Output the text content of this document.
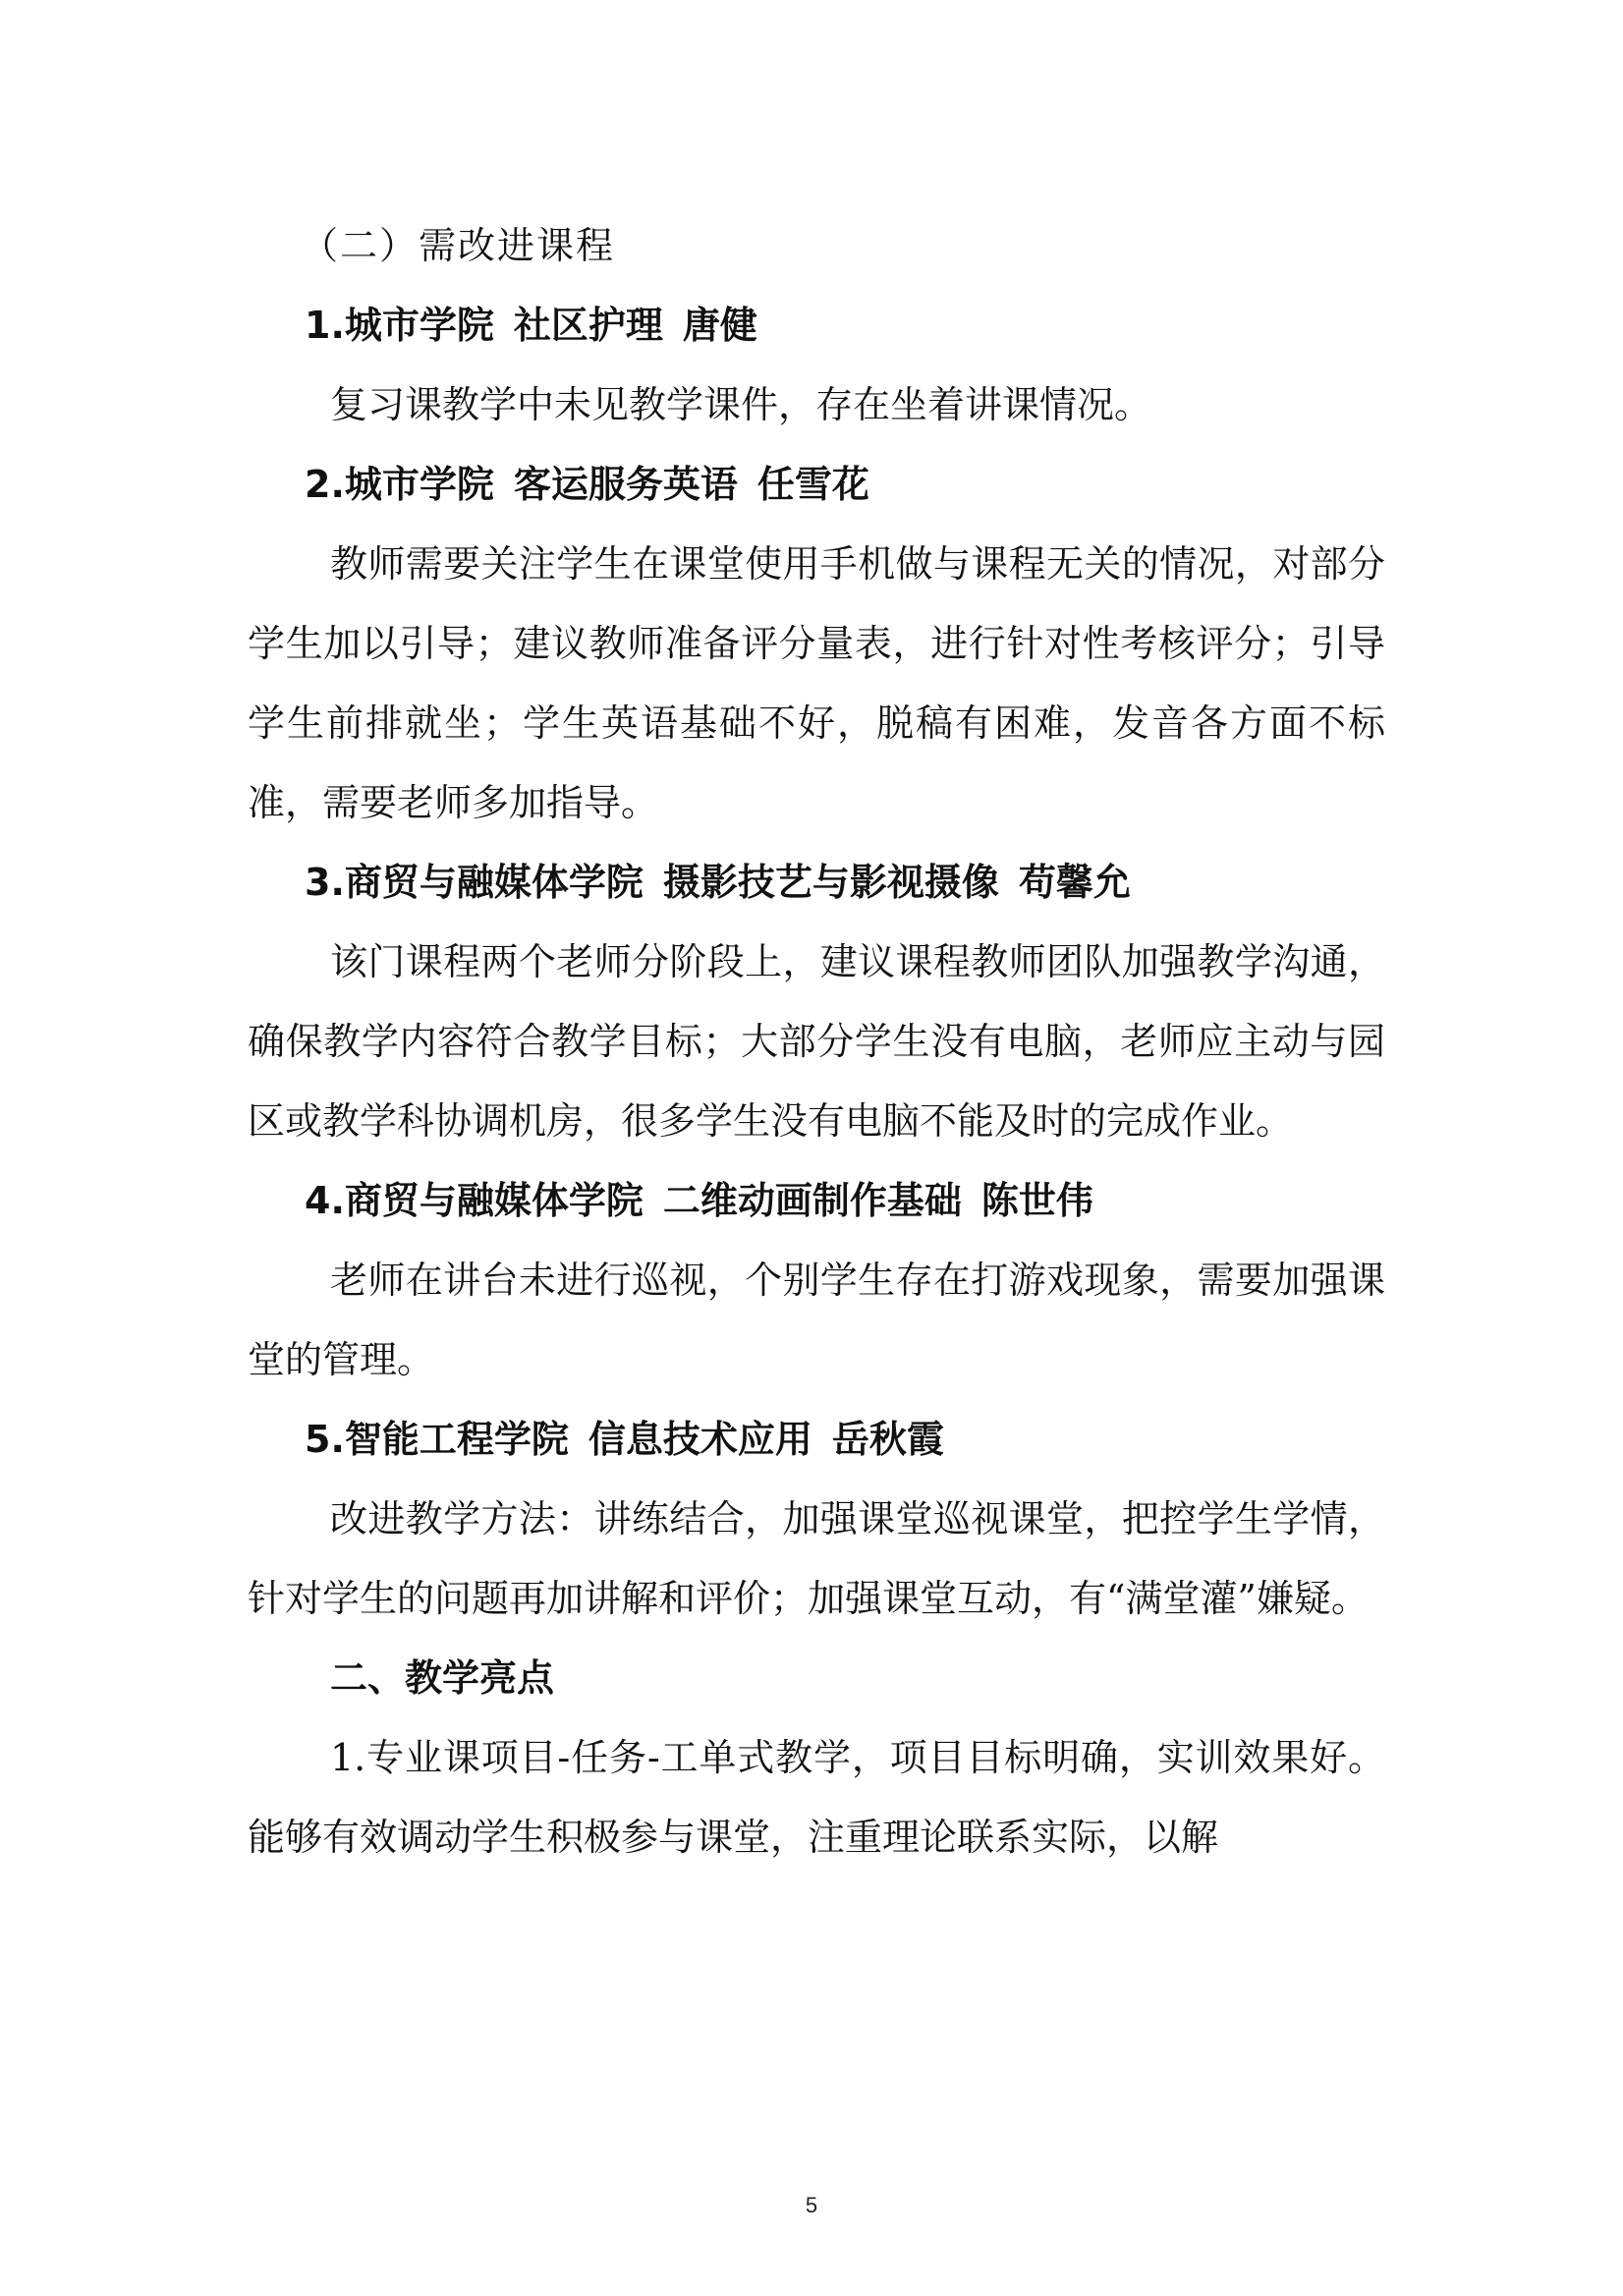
（二）需改进课程
1.城市学院 社区护理 唐健

复习课教学中未见教学课件，存在坐着讲课情况。

2.城市学院 客运服务英语 任雪花

教师需要关注学生在课堂使用手机做与课程无关的情况，对部分学生加以引导；建议教师准备评分量表，进行针对性考核评分；引导学生前排就坐；学生英语基础不好，脱稿有困难，发音各方面不标准，需要老师多加指导。

3.商贸与融媒体学院 摄影技艺与影视摄像 苟馨允

该门课程两个老师分阶段上，建议课程教师团队加强教学沟通，确保教学内容符合教学目标；大部分学生没有电脑，老师应主动与园区或教学科协调机房，很多学生没有电脑不能及时的完成作业。

4.商贸与融媒体学院 二维动画制作基础 陈世伟

老师在讲台未进行巡视，个别学生存在打游戏现象，需要加强课堂的管理。

5.智能工程学院 信息技术应用 岳秋霞

改进教学方法：讲练结合，加强课堂巡视课堂，把控学生学情，针对学生的问题再加讲解和评价；加强课堂互动，有“满堂灌”嫌疑。

二、教学亮点

1.专业课项目-任务-工单式教学，项目目标明确，实训效果好。能够有效调动学生积极参与课堂，注重理论联系实际，以解

5
